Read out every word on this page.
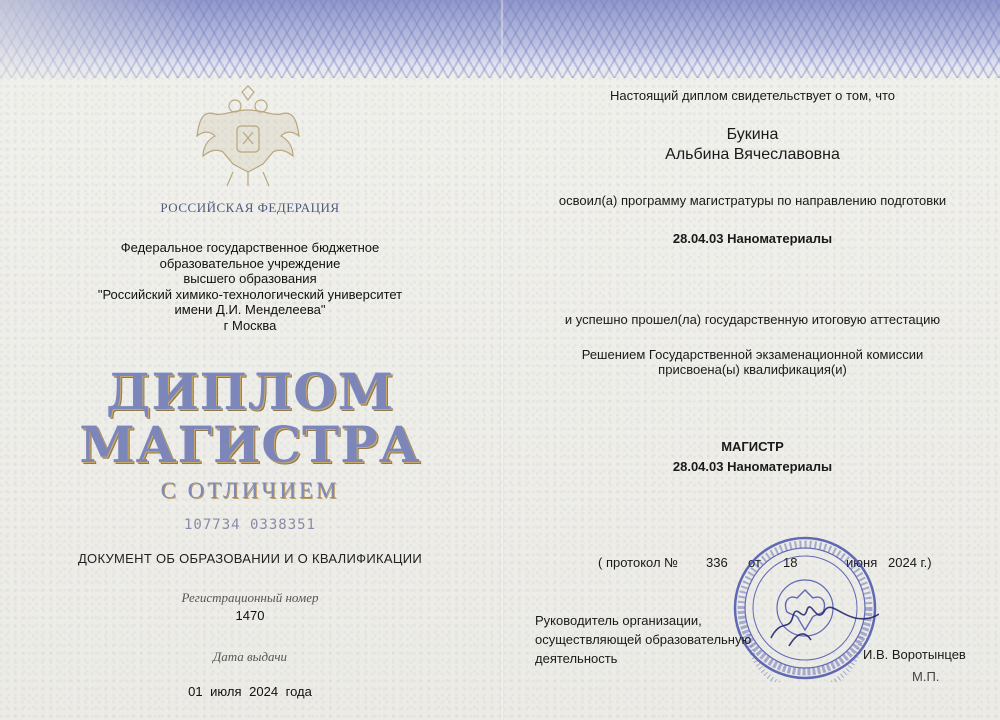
РОССИЙСКАЯ ФЕДЕРАЦИЯ
Федеральное государственное бюджетное
образовательное учреждение
высшего образования
"Российский химико-технологический университет
имени Д.И. Менделеева"
г Москва
ДИПЛОМ
МАГИСТРА
С ОТЛИЧИЕМ
107734 0338351
ДОКУМЕНТ ОБ ОБРАЗОВАНИИ И О КВАЛИФИКАЦИИ
Регистрационный номер
1470
Дата выдачи
01 июля 2024 года
Настоящий диплом свидетельствует о том, что
Букина
Альбина Вячеславовна
освоил(а) программу магистратуры по направлению подготовки
28.04.03 Наноматериалы
и успешно прошел(ла) государственную итоговую аттестацию
Решением Государственной экзаменационной комиссии
присвоена(ы) квалификация(и)
МАГИСТР
28.04.03 Наноматериалы
( протокол № 336 от 18	июня 2024 г.)
Руководитель организации,
осуществляющей образовательную
деятельность	И.В. Воротынцев
М.П.
